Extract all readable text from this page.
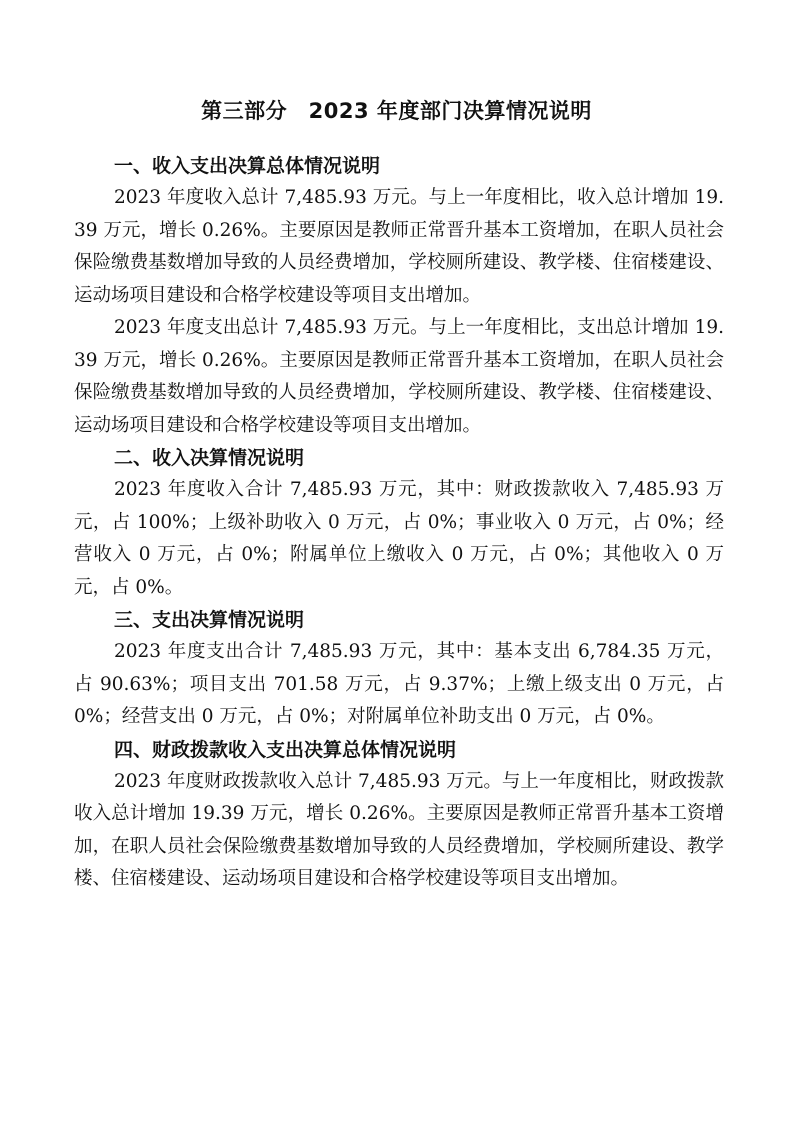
第三部分　2023 年度部门决算情况说明
一、收入支出决算总体情况说明

2023 年度收入总计 7,485.93 万元。与上一年度相比，收入总计增加 19.39 万元，增长 0.26%。主要原因是教师正常晋升基本工资增加，在职人员社会保险缴费基数增加导致的人员经费增加，学校厕所建设、教学楼、住宿楼建设、运动场项目建设和合格学校建设等项目支出增加。

2023 年度支出总计 7,485.93 万元。与上一年度相比，支出总计增加 19.39 万元，增长 0.26%。主要原因是教师正常晋升基本工资增加，在职人员社会保险缴费基数增加导致的人员经费增加，学校厕所建设、教学楼、住宿楼建设、运动场项目建设和合格学校建设等项目支出增加。

二、收入决算情况说明

2023 年度收入合计 7,485.93 万元，其中：财政拨款收入 7,485.93 万元，占 100%；上级补助收入 0 万元，占 0%；事业收入 0 万元，占 0%；经营收入 0 万元，占 0%；附属单位上缴收入 0 万元，占 0%；其他收入 0 万元，占 0%。

三、支出决算情况说明

2023 年度支出合计 7,485.93 万元，其中：基本支出 6,784.35 万元，占 90.63%；项目支出 701.58 万元，占 9.37%；上缴上级支出 0 万元，占 0%；经营支出 0 万元，占 0%；对附属单位补助支出 0 万元，占 0%。

四、财政拨款收入支出决算总体情况说明

2023 年度财政拨款收入总计 7,485.93 万元。与上一年度相比，财政拨款收入总计增加 19.39 万元，增长 0.26%。主要原因是教师正常晋升基本工资增加，在职人员社会保险缴费基数增加导致的人员经费增加，学校厕所建设、教学楼、住宿楼建设、运动场项目建设和合格学校建设等项目支出增加。
